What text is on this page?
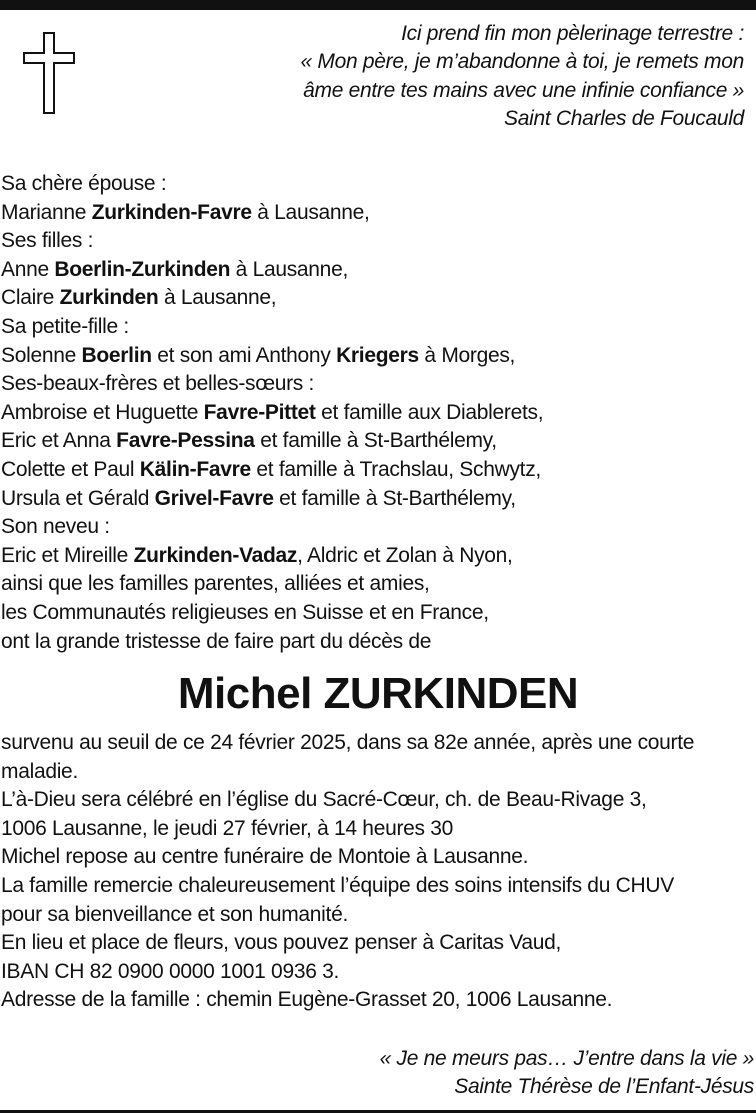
Ici prend fin mon pèlerinage terrestre :
« Mon père, je m’abandonne à toi, je remets mon
âme entre tes mains avec une infinie confiance »
Saint Charles de Foucauld
Sa chère épouse :
Marianne Zurkinden-Favre à Lausanne,
Ses filles :
Anne Boerlin-Zurkinden à Lausanne,
Claire Zurkinden à Lausanne,
Sa petite-fille :
Solenne Boerlin et son ami Anthony Kriegers à Morges,
Ses-beaux-frères et belles-sœurs :
Ambroise et Huguette Favre-Pittet et famille aux Diablerets,
Eric et Anna Favre-Pessina et famille à St-Barthélemy,
Colette et Paul Kälin-Favre et famille à Trachslau, Schwytz,
Ursula et Gérald Grivel-Favre et famille à St-Barthélemy,
Son neveu :
Eric et Mireille Zurkinden-Vadaz, Aldric et Zolan à Nyon,
ainsi que les familles parentes, alliées et amies,
les Communautés religieuses en Suisse et en France,
ont la grande tristesse de faire part du décès de
Michel ZURKINDEN
survenu au seuil de ce 24 février 2025, dans sa 82e année, après une courte
maladie.
L’à-Dieu sera célébré en l’église du Sacré-Cœur, ch. de Beau-Rivage 3,
1006 Lausanne, le jeudi 27 février, à 14 heures 30
Michel repose au centre funéraire de Montoie à Lausanne.
La famille remercie chaleureusement l’équipe des soins intensifs du CHUV
pour sa bienveillance et son humanité.
En lieu et place de fleurs, vous pouvez penser à Caritas Vaud,
IBAN CH 82 0900 0000 1001 0936 3.
Adresse de la famille : chemin Eugène-Grasset 20, 1006 Lausanne.
« Je ne meurs pas… J’entre dans la vie »
Sainte Thérèse de l’Enfant-Jésus
